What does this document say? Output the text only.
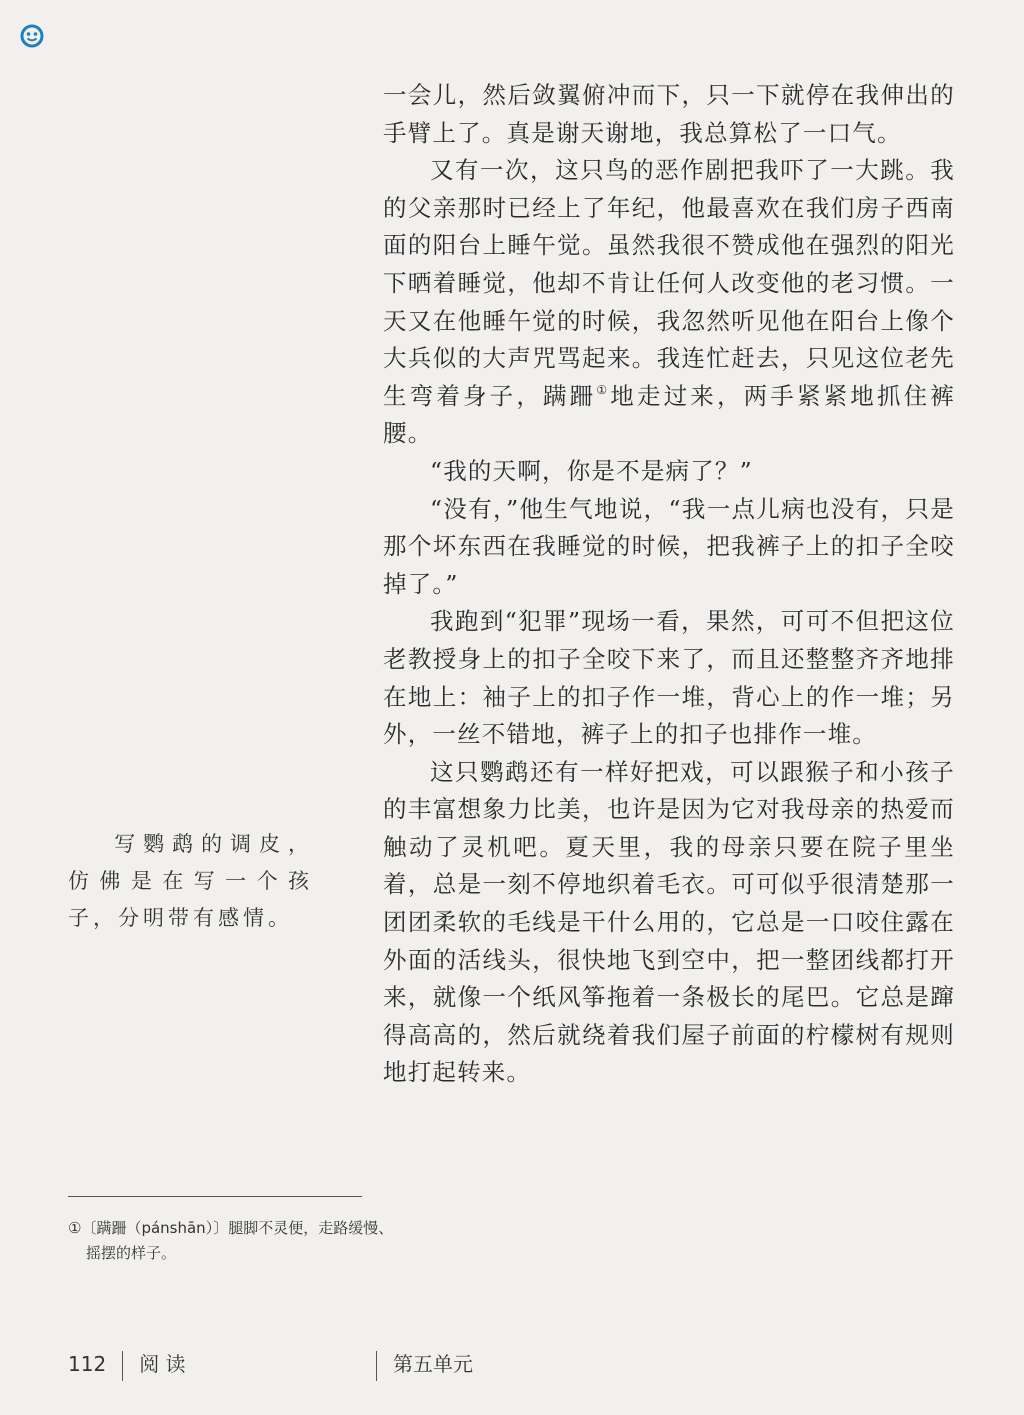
一会儿，然后敛翼俯冲而下，只一下就停在我伸出的手臂上了。真是谢天谢地，我总算松了一口气。

又有一次，这只鸟的恶作剧把我吓了一大跳。我的父亲那时已经上了年纪，他最喜欢在我们房子西南面的阳台上睡午觉。虽然我很不赞成他在强烈的阳光下晒着睡觉，他却不肯让任何人改变他的老习惯。一天又在他睡午觉的时候，我忽然听见他在阳台上像个大兵似的大声咒骂起来。我连忙赶去，只见这位老先生弯着身子，蹒跚①地走过来，两手紧紧地抓住裤腰。

“我的天啊，你是不是病了？”

“没有，”他生气地说，“我一点儿病也没有，只是那个坏东西在我睡觉的时候，把我裤子上的扣子全咬掉了。”

我跑到“犯罪”现场一看，果然，可可不但把这位老教授身上的扣子全咬下来了，而且还整整齐齐地排在地上：袖子上的扣子作一堆，背心上的作一堆；另外，一丝不错地，裤子上的扣子也排作一堆。

这只鹦鹉还有一样好把戏，可以跟猴子和小孩子的丰富想象力比美，也许是因为它对我母亲的热爱而触动了灵机吧。夏天里，我的母亲只要在院子里坐着，总是一刻不停地织着毛衣。可可似乎很清楚那一团团柔软的毛线是干什么用的，它总是一口咬住露在外面的活线头，很快地飞到空中，把一整团线都打开来，就像一个纸风筝拖着一条极长的尾巴。它总是蹿得高高的，然后就绕着我们屋子前面的柠檬树有规则地打起转来。

写鹦鹉的调皮，仿佛是在写一个孩子，分明带有感情。
①〔蹒跚（pánshān）〕腿脚不灵便，走路缓慢、
摇摆的样子。
112 阅 读	第五单元
